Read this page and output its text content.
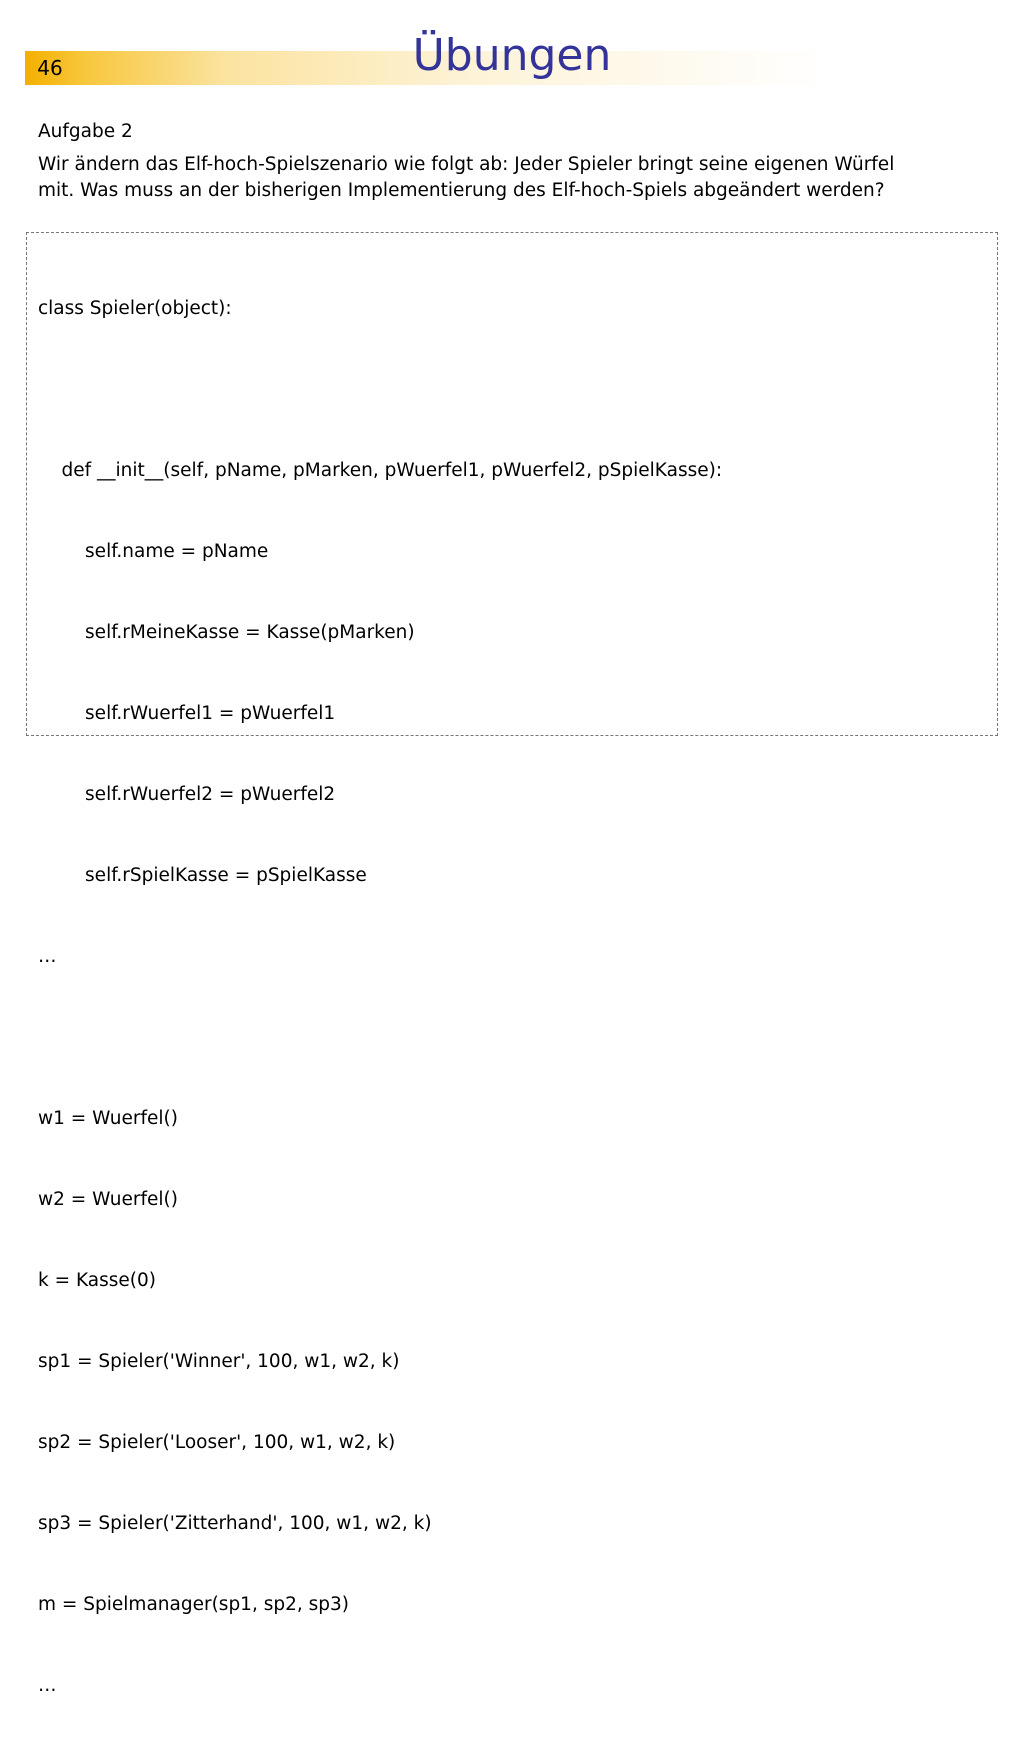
46	Übungen
Aufgabe 2
Wir ändern das Elf-hoch-Spielszenario wie folgt ab: Jeder Spieler bringt seine eigenen Würfel
mit. Was muss an der bisherigen Implementierung des Elf-hoch-Spiels abgeändert werden?

class Spieler(object):

def __init__(self, pName, pMarken, pWuerfel1, pWuerfel2, pSpielKasse):

self.name = pName

self.rMeineKasse = Kasse(pMarken)

self.rWuerfel1 = pWuerfel1

self.rWuerfel2 = pWuerfel2

self.rSpielKasse = pSpielKasse

…

w1 = Wuerfel()

w2 = Wuerfel()

k = Kasse(0)

sp1 = Spieler('Winner', 100, w1, w2, k)

sp2 = Spieler('Looser', 100, w1, w2, k)

sp3 = Spieler('Zitterhand', 100, w1, w2, k)

m = Spielmanager(sp1, sp2, sp3)

…
